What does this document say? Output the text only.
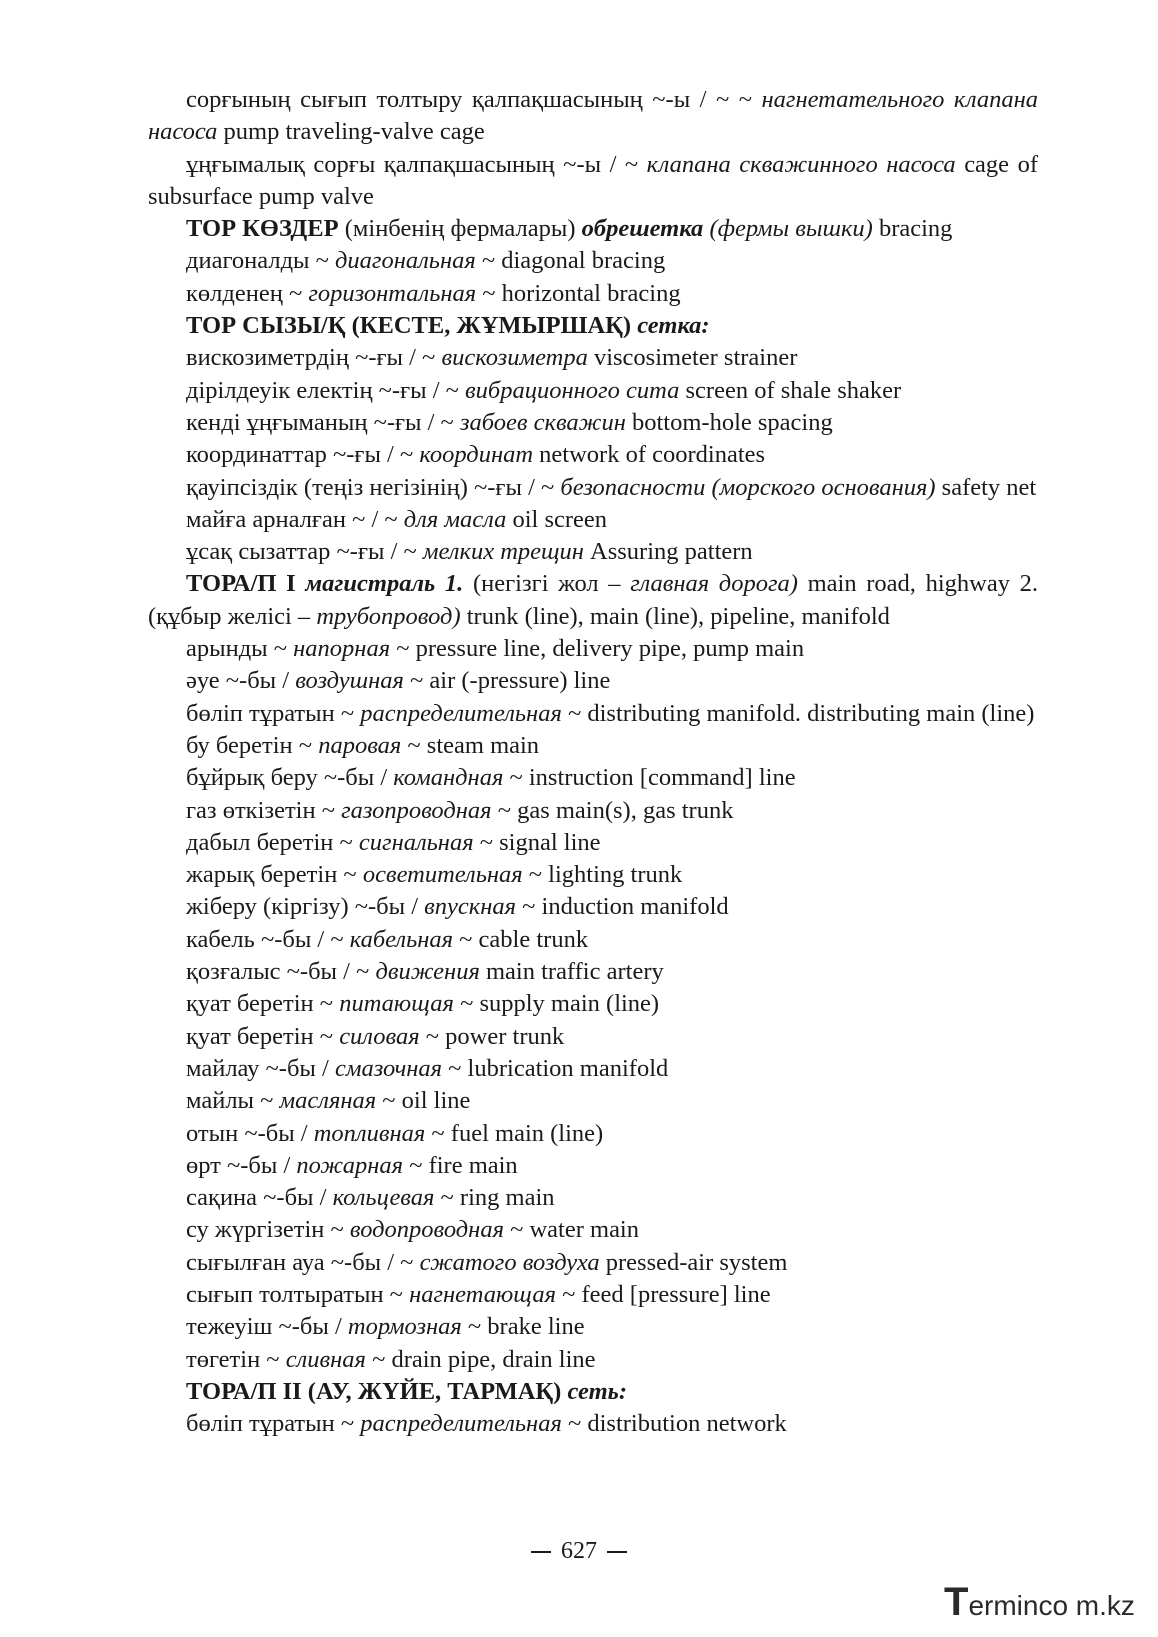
сорғының сығып толтыру қалпақшасының ~-ы / ~ ~ нагнетательного клапана насоса pump traveling-valve cage

ұңғымалық сорғы қалпақшасының ~-ы / ~ клапана скважинного насоса cage of subsurface pump valve

ТОР КӨЗДЕР (мінбенің фермалары) обрешетка (фермы вышки) bracing

диагоналды ~ диагональная ~ diagonal bracing

көлденең ~ горизонтальная ~ horizontal bracing

ТОР СЫЗЫ/Қ (КЕСТЕ, ЖҰМЫРШАҚ) сетка:

вискозиметрдің ~-ғы / ~ вискозиметра viscosimeter strainer

дірілдеуік електің ~-ғы / ~ вибрационного сита screen of shale shaker

кенді ұңғыманың ~-ғы / ~ забоев скважин bottom-hole spacing

координаттар ~-ғы / ~ координат network of coordinates

қауіпсіздік (теңіз негізінің) ~-ғы / ~ безопасности (морского основания) safety net

майға арналған ~ / ~ для масла oil screen

ұсақ сызаттар ~-ғы / ~ мелких трещин Assuring pattern

ТОРА/П I магистраль 1. (негізгі жол – главная дорога) main road, highway 2. (құбыр желісі – трубопровод) trunk (line), main (line), pipeline, manifold

арынды ~ напорная ~ pressure line, delivery pipe, pump main

әуе ~-бы / воздушная ~ air (-pressure) line

бөліп тұратын ~ распределительная ~ distributing manifold. distributing main (line)

бу беретін ~ паровая ~ steam main

бұйрық беру ~-бы / командная ~ instruction [command] line

газ өткізетін ~ газопроводная ~ gas main(s), gas trunk

дабыл беретін ~ сигнальная ~ signal line

жарық беретін ~ осветительная ~ lighting trunk

жіберу (кіргізу) ~-бы / впускная ~ induction manifold

кабель ~-бы / ~ кабельная ~ cable trunk

қозғалыс ~-бы / ~ движения main traffic artery

қуат беретін ~ питающая ~ supply main (line)

қуат беретін ~ силовая ~ power trunk

майлау ~-бы / смазочная ~ lubrication manifold

майлы ~ масляная ~ oil line

отын ~-бы / топливная ~ fuel main (line)

өрт ~-бы / пожарная ~ fire main

сақина ~-бы / кольцевая ~ ring main

су жүргізетін ~ водопроводная ~ water main

сығылған ауа ~-бы / ~ сжатого воздуха pressed-air system

сығып толтыратын ~ нагнетающая ~ feed [pressure] line

тежеуіш ~-бы / тормозная ~ brake line

төгетін ~ сливная ~ drain pipe, drain line

ТОРА/П II (АУ, ЖҮЙЕ, ТАРМАҚ) сеть:

бөліп тұратын ~ распределительная ~ distribution network

627
T erminco m.kz
